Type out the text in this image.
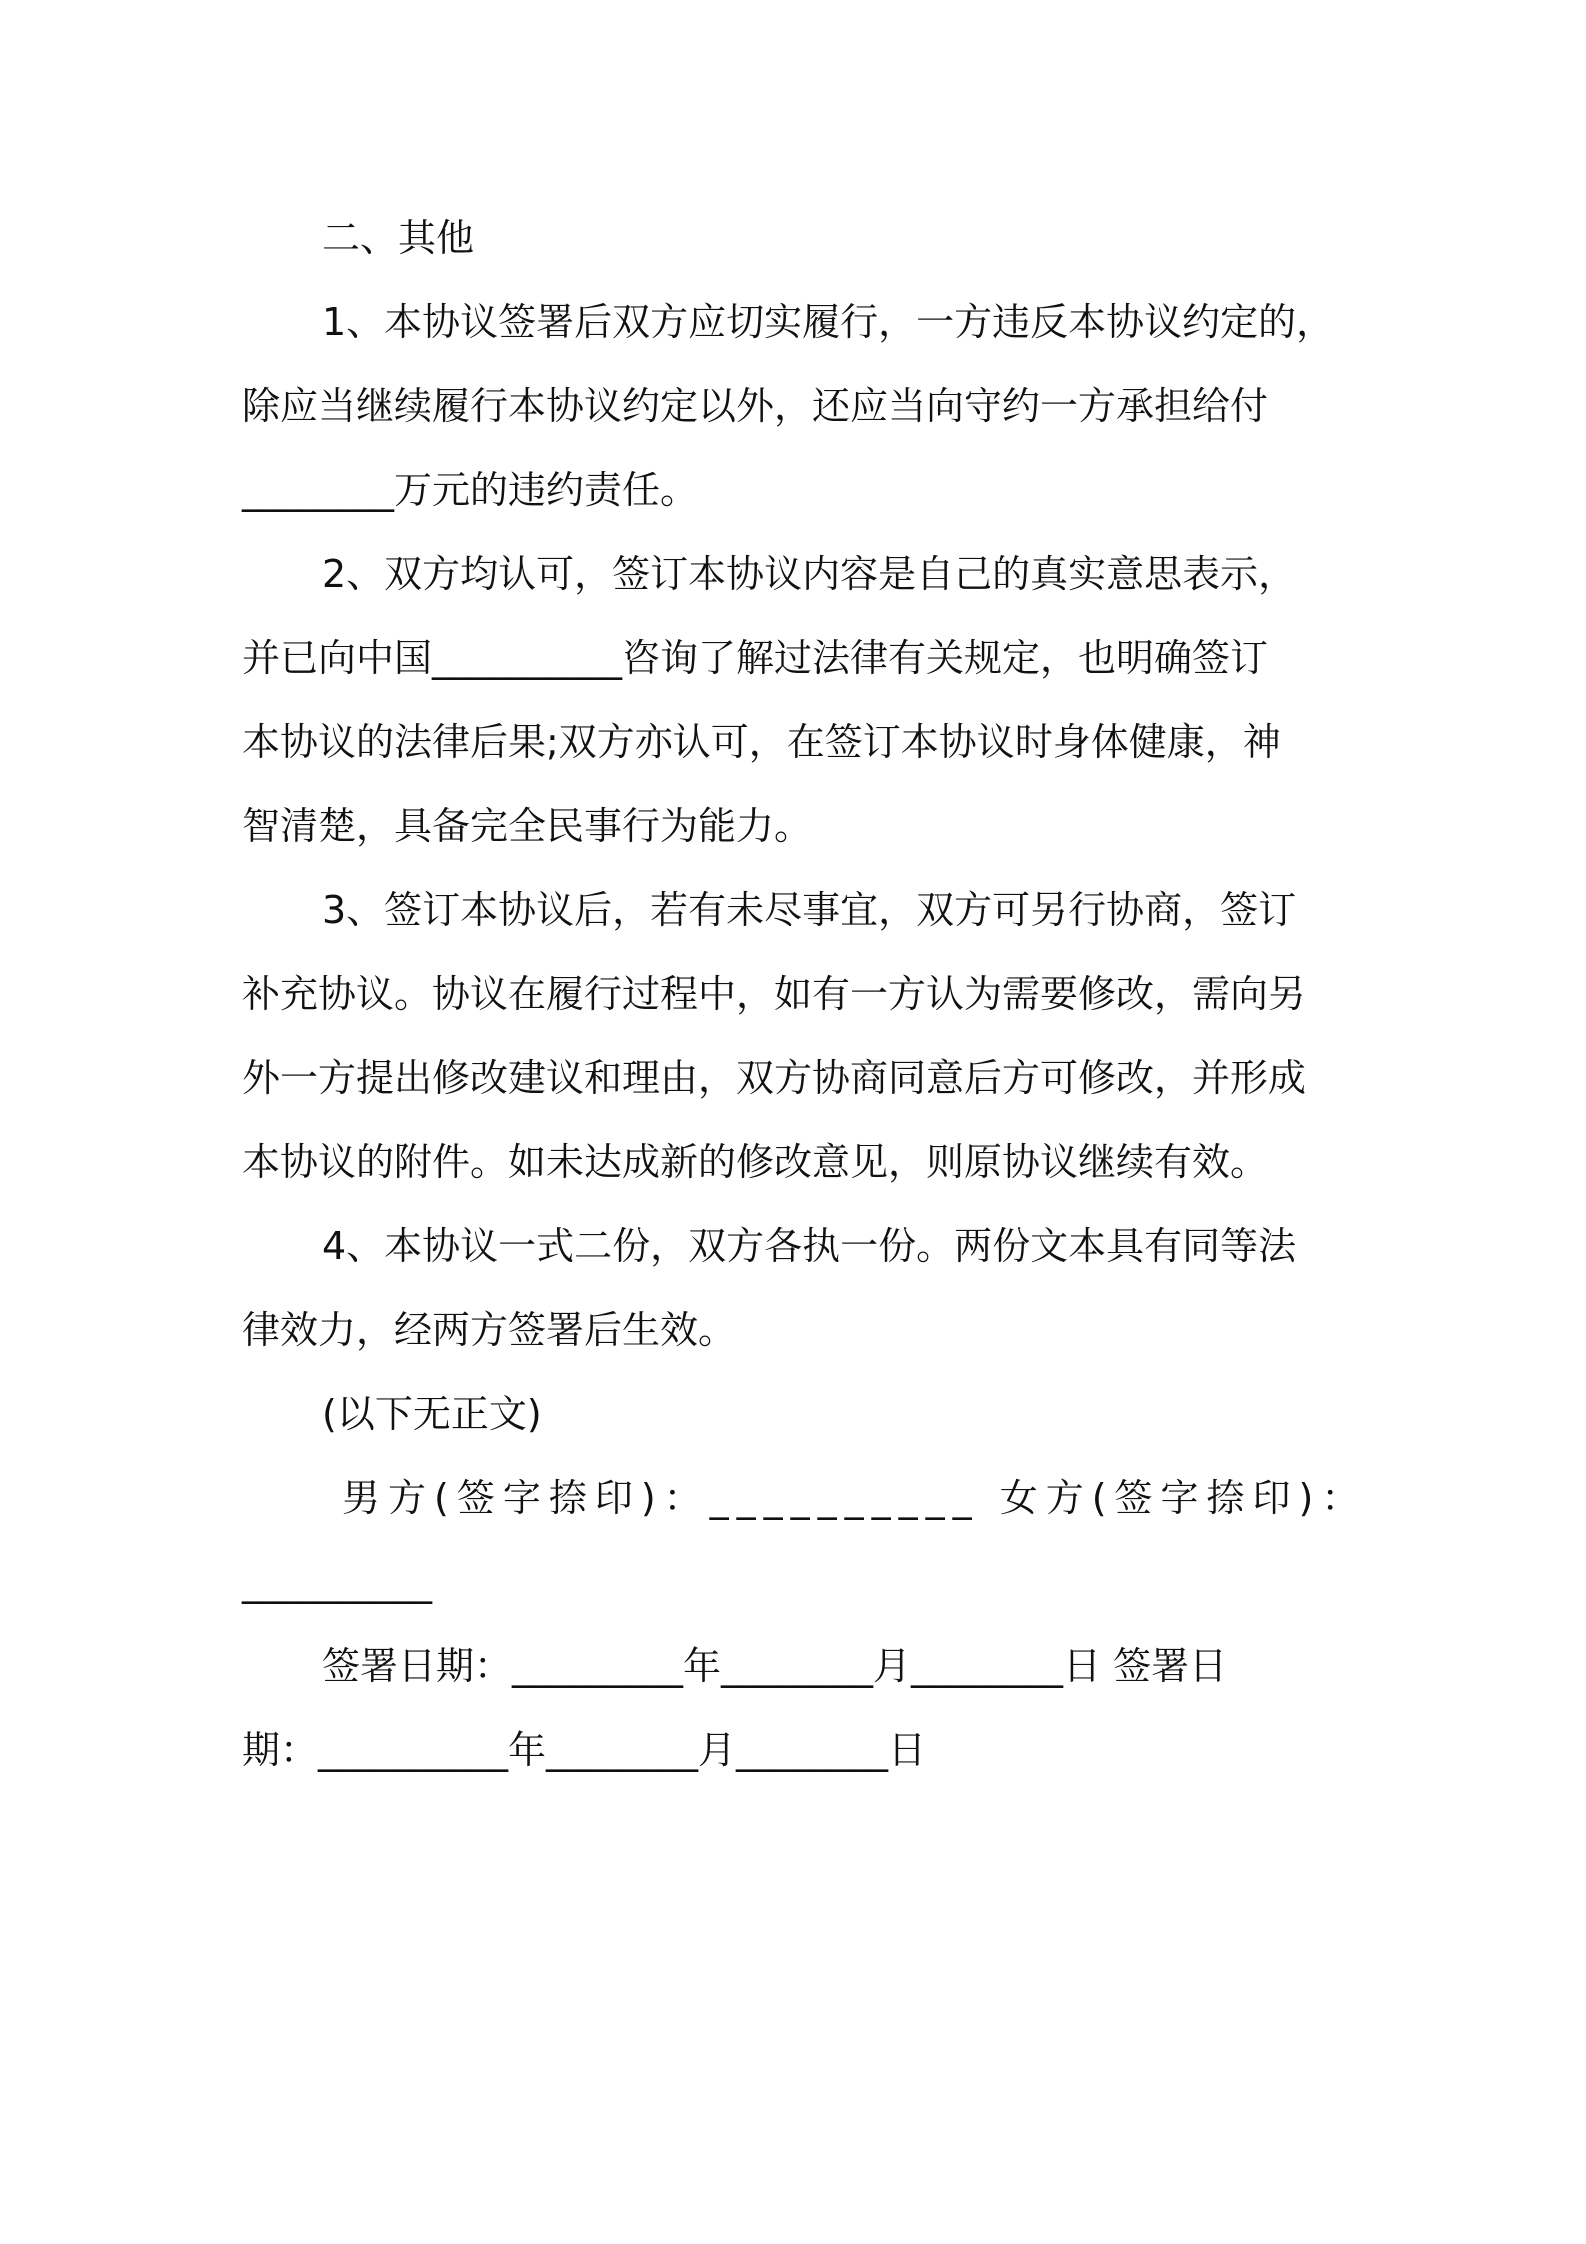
二、其他
1、本协议签署后双方应切实履行，一方违反本协议约定的，
除应当继续履行本协议约定以外，还应当向守约一方承担给付
________万元的违约责任。
2、双方均认可，签订本协议内容是自己的真实意思表示，
并已向中国__________咨询了解过法律有关规定，也明确签订
本协议的法律后果;双方亦认可，在签订本协议时身体健康，神
智清楚，具备完全民事行为能力。
3、签订本协议后，若有未尽事宜，双方可另行协商，签订
补充协议。协议在履行过程中，如有一方认为需要修改，需向另
外一方提出修改建议和理由，双方协商同意后方可修改，并形成
本协议的附件。如未达成新的修改意见，则原协议继续有效。
4、本协议一式二份，双方各执一份。两份文本具有同等法
律效力，经两方签署后生效。
(以下无正文)
男方(签字捺印)：__________ 女方(签字捺印)：
__________
签署日期：_________年________月________日 签署日
期：__________年________月________日
